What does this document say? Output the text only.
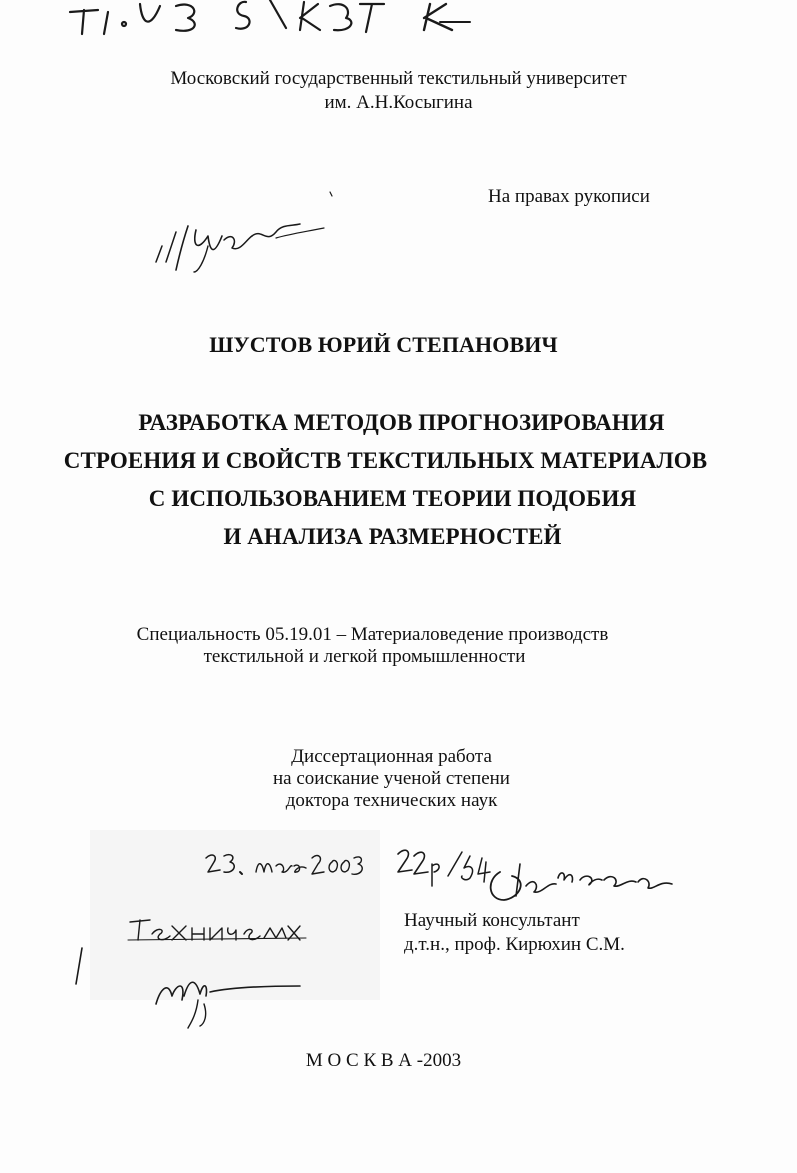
Московский государственный текстильный университет
им. А.Н.Косыгина
На правах рукописи
ШУСТОВ ЮРИЙ СТЕПАНОВИЧ
РАЗРАБОТКА МЕТОДОВ ПРОГНОЗИРОВАНИЯ
СТРОЕНИЯ И СВОЙСТВ ТЕКСТИЛЬНЫХ МАТЕРИАЛОВ
С ИСПОЛЬЗОВАНИЕМ ТЕОРИИ ПОДОБИЯ
И АНАЛИЗА РАЗМЕРНОСТЕЙ
Специальность 05.19.01 – Материаловедение производств
текстильной и легкой промышленности
Диссертационная работа
на соискание ученой степени
доктора технических наук
Научный консультант
д.т.н., проф. Кирюхин С.М.
М О С К В А -2003
